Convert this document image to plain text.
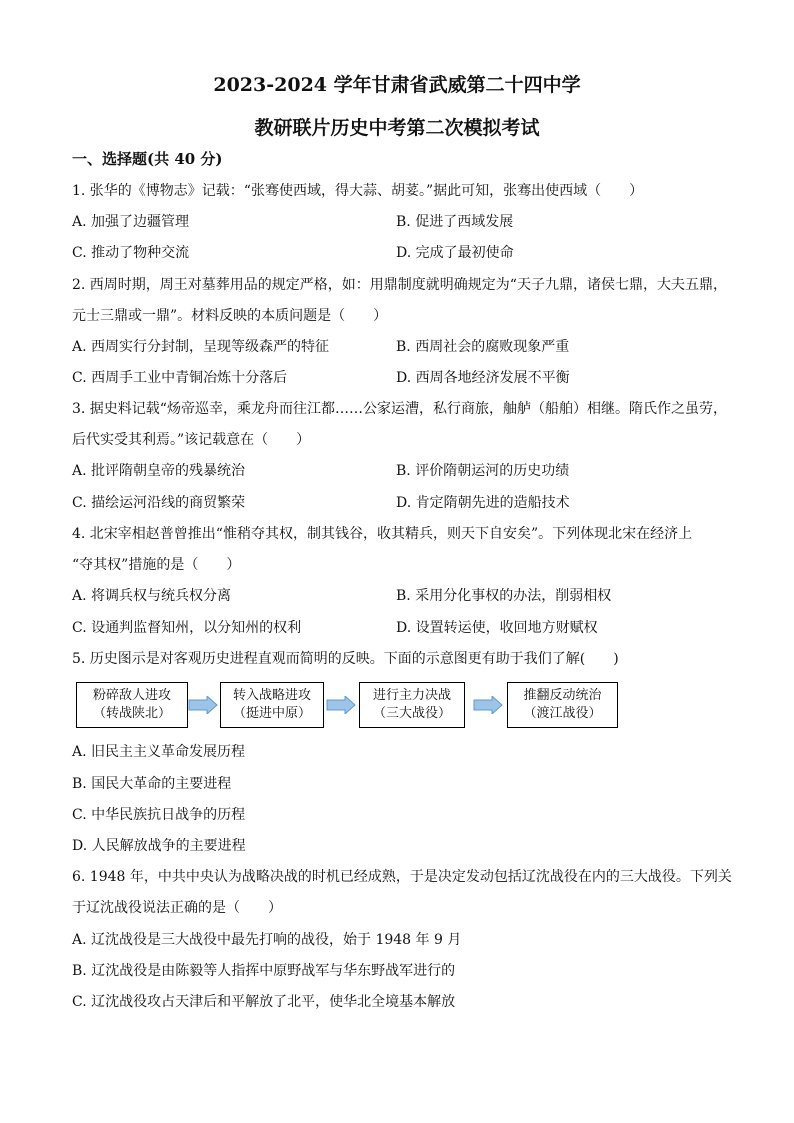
2023-2024 学年甘肃省武威第二十四中学
教研联片历史中考第二次模拟考试
一、选择题(共 40 分)
1. 张华的《博物志》记载：“张骞使西域，得大蒜、胡荽。”据此可知，张骞出使西域（　　）
A. 加强了边疆管理	B. 促进了西域发展
C. 推动了物种交流	D. 完成了最初使命
2. 西周时期，周王对墓葬用品的规定严格，如：用鼎制度就明确规定为“天子九鼎，诸侯七鼎，大夫五鼎，
元士三鼎或一鼎”。材料反映的本质问题是（　　）
A. 西周实行分封制，呈现等级森严的特征	B. 西周社会的腐败现象严重
C. 西周手工业中青铜冶炼十分落后	D. 西周各地经济发展不平衡
3. 据史料记载“炀帝巡幸，乘龙舟而往江都……公家运漕，私行商旅，舳舻（船舶）相继。隋氏作之虽劳，
后代实受其利焉。”该记载意在（　　）
A. 批评隋朝皇帝的残暴统治	B. 评价隋朝运河的历史功绩
C. 描绘运河沿线的商贸繁荣	D. 肯定隋朝先进的造船技术
4. 北宋宰相赵普曾推出“惟稍夺其权，制其钱谷，收其精兵，则天下自安矣”。下列体现北宋在经济上
“夺其权”措施的是（　　）
A. 将调兵权与统兵权分离	B. 采用分化事权的办法，削弱相权
C. 设通判监督知州，以分知州的权利	D. 设置转运使，收回地方财赋权
5. 历史图示是对客观历史进程直观而简明的反映。下面的示意图更有助于我们了解(　　)
粉碎敌人进攻
（转战陕北）
转入战略进攻
（挺进中原）
进行主力决战
（三大战役）
推翻反动统治
（渡江战役）
A. 旧民主主义革命发展历程
B. 国民大革命的主要进程
C. 中华民族抗日战争的历程
D. 人民解放战争的主要进程
6. 1948 年，中共中央认为战略决战的时机已经成熟，于是决定发动包括辽沈战役在内的三大战役。下列关
于辽沈战役说法正确的是（　　）
A. 辽沈战役是三大战役中最先打响的战役，始于 1948 年 9 月
B. 辽沈战役是由陈毅等人指挥中原野战军与华东野战军进行的
C. 辽沈战役攻占天津后和平解放了北平，使华北全境基本解放
